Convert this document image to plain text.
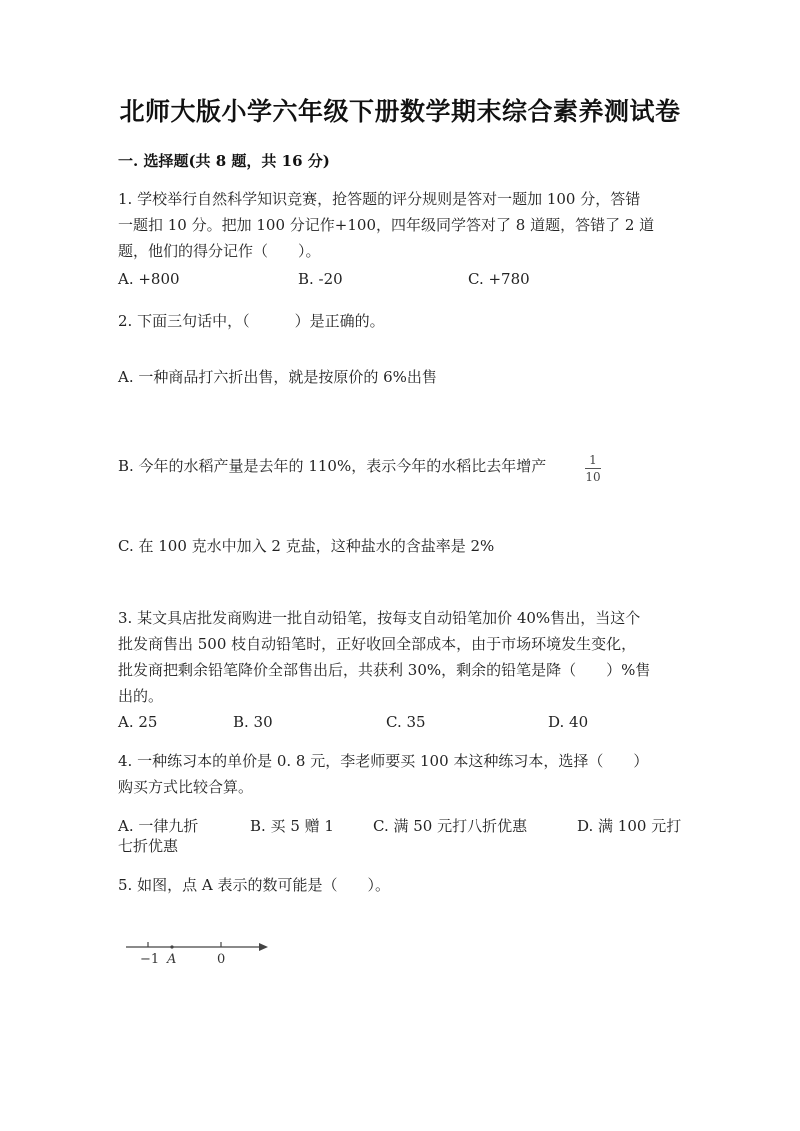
北师大版小学六年级下册数学期末综合素养测试卷
一. 选择题(共 8 题，共 16 分)
1. 学校举行自然科学知识竞赛，抢答题的评分规则是答对一题加 100 分，答错
一题扣 10 分。把加 100 分记作+100，四年级同学答对了 8 道题，答错了 2 道
题，他们的得分记作（　　）。
A. +800	B. -20	C. +780
2. 下面三句话中，（　　　）是正确的。
A. 一种商品打六折出售，就是按原价的 6%出售
B. 今年的水稻产量是去年的 110%，表示今年的水稻比去年增产	1
10
C. 在 100 克水中加入 2 克盐，这种盐水的含盐率是 2%
3. 某文具店批发商购进一批自动铅笔，按每支自动铅笔加价 40%售出，当这个
批发商售出 500 枝自动铅笔时，正好收回全部成本，由于市场环境发生变化，
批发商把剩余铅笔降价全部售出后，共获利 30%，剩余的铅笔是降（　　）%售
出的。
A. 25	B. 30	C. 35	D. 40
4. 一种练习本的单价是 0. 8 元，李老师要买 100 本这种练习本，选择（　　）
购买方式比较合算。
A. 一律九折	B. 买 5 赠 1	C. 满 50 元打八折优惠	D. 满 100 元打
七折优惠
5. 如图，点 A 表示的数可能是（　　）。
−1 A	0
